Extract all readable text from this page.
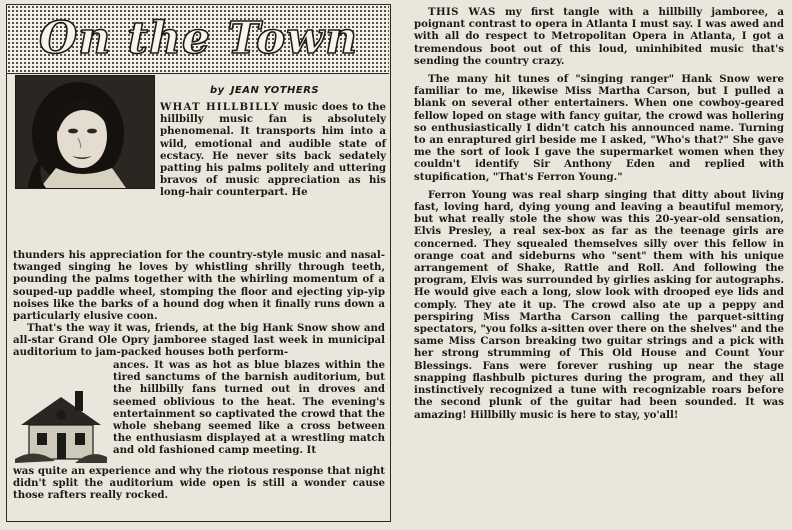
On the Town
by JEAN YOTHERS
WHAT HILLBILLY music does to the hillbilly music fan is absolutely phenomenal. It transports him into a wild, emotional and audible state of ecstacy. He never sits back sedately patting his palms politely and uttering bravos of music appreciation as his long-hair counterpart. He
thunders his appreciation for the country-style music and nasal-twanged singing he loves by whistling shrilly through teeth, pounding the palms together with the whirling momentum of a souped-up paddle wheel, stomping the floor and ejecting yip-yip noises like the barks of a hound dog when it finally runs down a particularly elusive coon.
That's the way it was, friends, at the big Hank Snow show and all-star Grand Ole Opry jamboree staged last week in municipal auditorium to jam-packed houses both perform-
ances. It was as hot as blue blazes within the tired sanctums of the barnish auditorium, but the hillbilly fans turned out in droves and seemed oblivious to the heat. The evening's entertainment so captivated the crowd that the whole shebang seemed like a cross between the enthusiasm displayed at a wrestling match and old fashioned camp meeting. It
was quite an experience and why the riotous response that night didn't split the auditorium wide open is still a wonder cause those rafters really rocked.

THIS WAS my first tangle with a hillbilly jamboree, a poignant contrast to opera in Atlanta I must say. I was awed and with all do respect to Metropolitan Opera in Atlanta, I got a tremendous boot out of this loud, uninhibited music that's sending the country crazy.

The many hit tunes of "singing ranger" Hank Snow were familiar to me, likewise Miss Martha Carson, but I pulled a blank on several other entertainers. When one cowboy-geared fellow loped on stage with fancy guitar, the crowd was hollering so enthusiastically I didn't catch his announced name. Turning to an enraptured girl beside me I asked, "Who's that?" She gave me the sort of look I gave the supermarket women when they couldn't identify Sir Anthony Eden and replied with stupification, "That's Ferron Young."

Ferron Young was real sharp singing that ditty about living fast, loving hard, dying young and leaving a beautiful memory, but what really stole the show was this 20-year-old sensation, Elvis Presley, a real sex-box as far as the teenage girls are concerned. They squealed themselves silly over this fellow in orange coat and sideburns who "sent" them with his unique arrangement of Shake, Rattle and Roll. And following the program, Elvis was surrounded by girlies asking for autographs. He would give each a long, slow look with drooped eye lids and comply. They ate it up. The crowd also ate up a peppy and perspiring Miss Martha Carson calling the parquet-sitting spectators, "you folks a-sitten over there on the shelves" and the same Miss Carson breaking two guitar strings and a pick with her strong strumming of This Old House and Count Your Blessings. Fans were forever rushing up near the stage snapping flashbulb pictures during the program, and they all instinctively recognized a tune with recognizable roars before the second plunk of the guitar had been sounded. It was amazing! Hillbilly music is here to stay, yo'all!
